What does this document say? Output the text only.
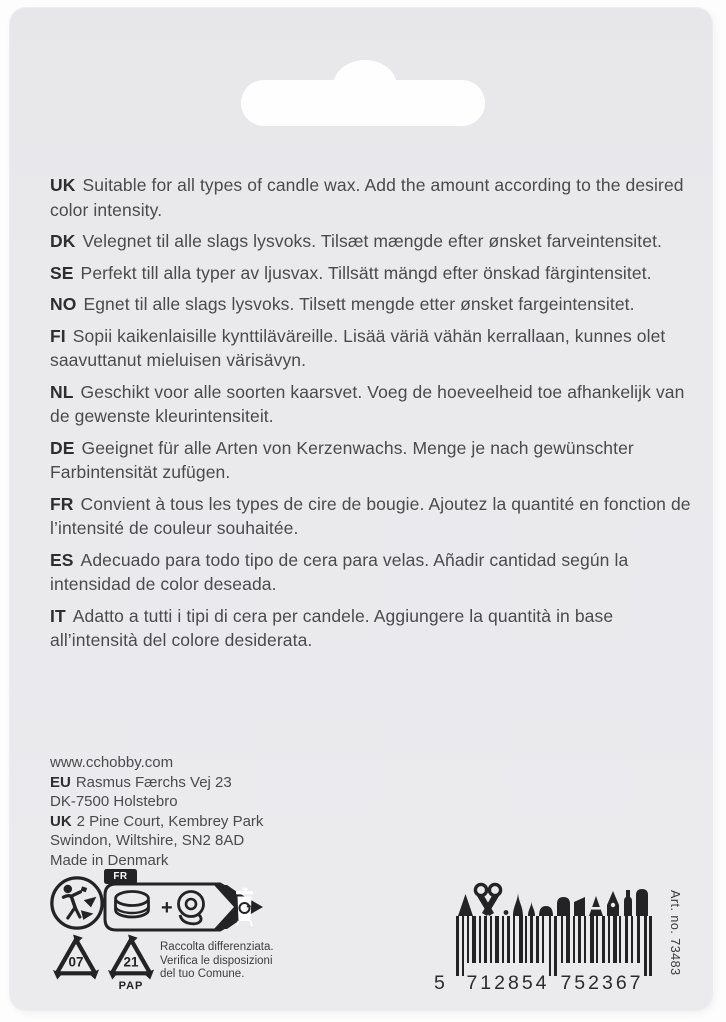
UK Suitable for all types of candle wax. Add the amount according to the desired color intensity.

DK Velegnet til alle slags lysvoks. Tilsæt mængde efter ønsket farveintensitet.

SE Perfekt till alla typer av ljusvax. Tillsätt mängd efter önskad färgintensitet.

NO Egnet til alle slags lysvoks. Tilsett mengde etter ønsket fargeintensitet.

FI Sopii kaikenlaisille kynttiläväreille. Lisää väriä vähän kerrallaan, kunnes olet saavuttanut mieluisen värisävyn.

NL Geschikt voor alle soorten kaarsvet. Voeg de hoeveelheid toe afhankelijk van de gewenste kleurintensiteit.

DE Geeignet für alle Arten von Kerzenwachs. Menge je nach gewünschter Farbintensität zufügen.

FR Convient à tous les types de cire de bougie. Ajoutez la quantité en fonction de l’intensité de couleur souhaitée.

ES Adecuado para todo tipo de cera para velas. Añadir cantidad según la intensidad de color deseada.

IT Adatto a tutti i tipi di cera per candele. Aggiungere la quantità in base all’intensità del colore desiderata.

www.cchobby.com
EU Rasmus Færchs Vej 23
DK-7500 Holstebro
UK 2 Pine Court, Kembrey Park
Swindon, Wiltshire, SN2 8AD
Made in Denmark
FR
+
07	21
PAP
Raccolta differenziata.
Verifica le disposizioni
del tuo Comune.	5 712854 752367
Art. no. 73483
